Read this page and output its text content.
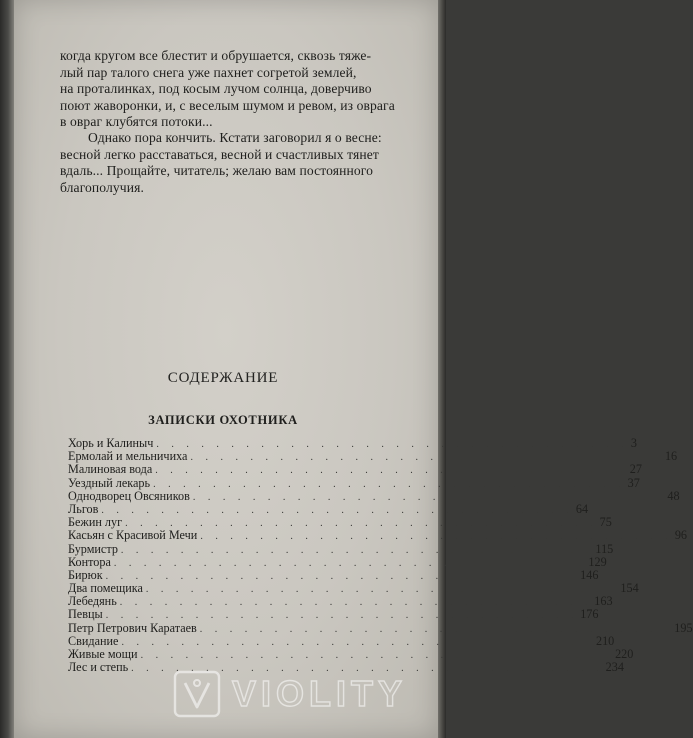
когда кругом все блестит и обрушается, сквозь тяже-
лый пар талого снега уже пахнет согретой землей,
на проталинках, под косым лучом солнца, доверчиво
поют жаворонки, и, с веселым шумом и ревом, из оврага
в овраг клубятся потоки...
Однако пора кончить. Кстати заговорил я о весне:
весной легко расставаться, весной и счастливых тянет
вдаль... Прощайте, читатель; желаю вам постоянного
благополучия.
СОДЕРЖАНИЕ
ЗАПИСКИ ОХОТНИКА
Хорь и Калиныч . . . . . . . . . . . . . . . . . . . . . . . . . . . . . . . . 3
Ермолай и мельничиха . . . . . . . . . . . . . . . . . . . . . . . . . . . . . . . . 16
Малиновая вода . . . . . . . . . . . . . . . . . . . . . . . . . . . . . . . . 27
Уездный лекарь . . . . . . . . . . . . . . . . . . . . . . . . . . . . . . . . 37
Однодворец Овсяников . . . . . . . . . . . . . . . . . . . . . . . . . . . . . . . . 48
Льгов . . . . . . . . . . . . . . . . . . . . . . . . . . . . . . . . 64
Бежин луг . . . . . . . . . . . . . . . . . . . . . . . . . . . . . . . . 75
Касьян с Красивой Мечи . . . . . . . . . . . . . . . . . . . . . . . . . . . . . . . . 96
Бурмистр . . . . . . . . . . . . . . . . . . . . . . . . . . . . . . . . 115
Контора . . . . . . . . . . . . . . . . . . . . . . . . . . . . . . . . 129
Бирюк . . . . . . . . . . . . . . . . . . . . . . . . . . . . . . . . 146
Два помещика . . . . . . . . . . . . . . . . . . . . . . . . . . . . . . . . 154
Лебедянь . . . . . . . . . . . . . . . . . . . . . . . . . . . . . . . . 163
Певцы . . . . . . . . . . . . . . . . . . . . . . . . . . . . . . . . 176
Петр Петрович Каратаев . . . . . . . . . . . . . . . . . . . . . . . . . . . . . . . . 195
Свидание . . . . . . . . . . . . . . . . . . . . . . . . . . . . . . . . 210
Живые мощи . . . . . . . . . . . . . . . . . . . . . . . . . . . . . . . . 220
Лес и степь . . . . . . . . . . . . . . . . . . . . . . . . . . . . . . . . 234
VIOLITY
